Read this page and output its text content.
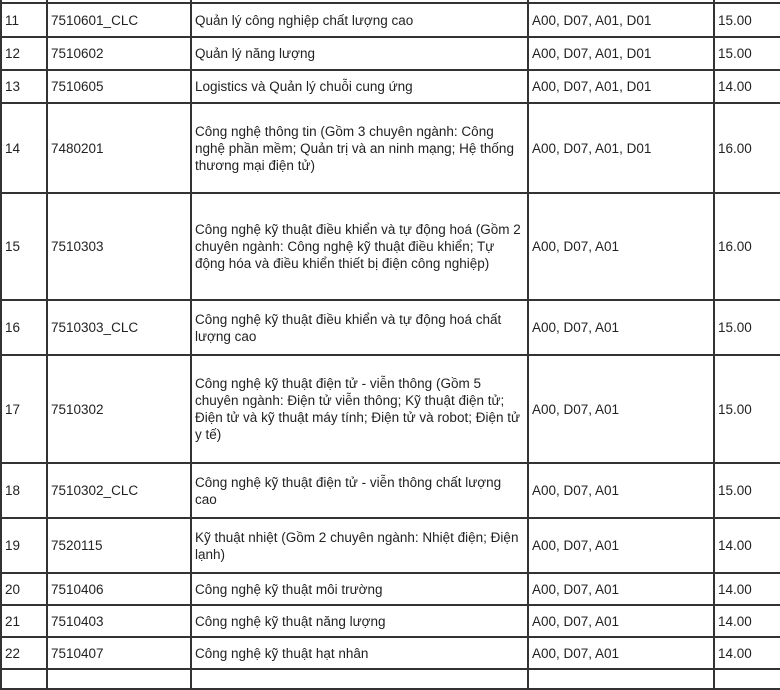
11	7510601_CLC	Quản lý công nghiệp chất lượng cao	A00, D07, A01, D01	15.00
12	7510602	Quản lý năng lượng	A00, D07, A01, D01	15.00
13	7510605	Logistics và Quản lý chuỗi cung ứng	A00, D07, A01, D01	14.00
14	7480201	Công nghệ thông tin (Gồm 3 chuyên ngành: Công nghệ phần mềm; Quản trị và an ninh mạng; Hệ thống thương mại điện tử)	A00, D07, A01, D01	16.00
15	7510303	Công nghệ kỹ thuật điều khiển và tự động hoá (Gồm 2 chuyên ngành: Công nghệ kỹ thuật điều khiển; Tự động hóa và điều khiển thiết bị điện công nghiệp)	A00, D07, A01	16.00
16	7510303_CLC	Công nghệ kỹ thuật điều khiển và tự động hoá chất lượng cao	A00, D07, A01	15.00
17	7510302	Công nghệ kỹ thuật điện tử - viễn thông (Gồm 5 chuyên ngành: Điện tử viễn thông; Kỹ thuật điện tử; Điện tử và kỹ thuật máy tính; Điện tử và robot; Điện tử y tế)	A00, D07, A01	15.00
18	7510302_CLC	Công nghệ kỹ thuật điện tử - viễn thông chất lượng cao	A00, D07, A01	15.00
19	7520115	Kỹ thuật nhiệt (Gồm 2 chuyên ngành: Nhiệt điện; Điện lạnh)	A00, D07, A01	14.00
20	7510406	Công nghệ kỹ thuật môi trường	A00, D07, A01	14.00
21	7510403	Công nghệ kỹ thuật năng lượng	A00, D07, A01	14.00
22	7510407	Công nghệ kỹ thuật hạt nhân	A00, D07, A01	14.00
